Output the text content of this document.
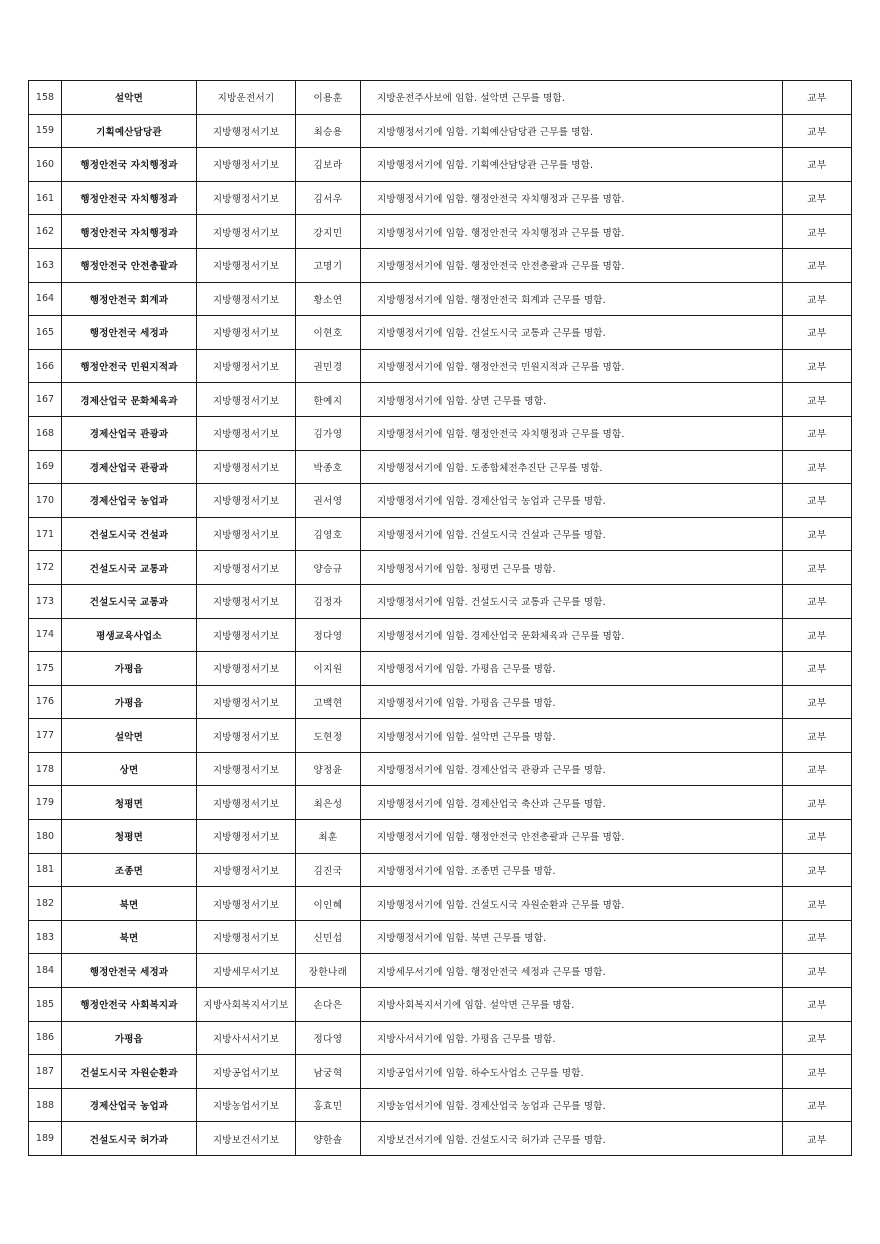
158	설악면	지방운전서기	이용훈	지방운전주사보에 임함. 설악면 근무를 명함.	교부
159	기획예산담당관	지방행정서기보	최승용	지방행정서기에 임함. 기획예산담당관 근무를 명함.	교부
160	행정안전국 자치행정과	지방행정서기보	김보라	지방행정서기에 임함. 기획예산담당관 근무를 명함.	교부
161	행정안전국 자치행정과	지방행정서기보	김서우	지방행정서기에 임함. 행정안전국 자치행정과 근무를 명함.	교부
162	행정안전국 자치행정과	지방행정서기보	강지민	지방행정서기에 임함. 행정안전국 자치행정과 근무를 명함.	교부
163	행정안전국 안전총괄과	지방행정서기보	고명기	지방행정서기에 임함. 행정안전국 안전총괄과 근무를 명함.	교부
164	행정안전국 회계과	지방행정서기보	황소연	지방행정서기에 임함. 행정안전국 회계과 근무를 명함.	교부
165	행정안전국 세정과	지방행정서기보	이현호	지방행정서기에 임함. 건설도시국 교통과 근무를 명함.	교부
166	행정안전국 민원지적과	지방행정서기보	권민경	지방행정서기에 임함. 행정안전국 민원지적과 근무를 명함.	교부
167	경제산업국 문화체육과	지방행정서기보	한예지	지방행정서기에 임함. 상면 근무를 명함.	교부
168	경제산업국 관광과	지방행정서기보	김가영	지방행정서기에 임함. 행정안전국 자치행정과 근무를 명함.	교부
169	경제산업국 관광과	지방행정서기보	박종호	지방행정서기에 임함. 도종합체전추진단 근무를 명함.	교부
170	경제산업국 농업과	지방행정서기보	권서영	지방행정서기에 임함. 경제산업국 농업과 근무를 명함.	교부
171	건설도시국 건설과	지방행정서기보	김영호	지방행정서기에 임함. 건설도시국 건설과 근무를 명함.	교부
172	건설도시국 교통과	지방행정서기보	양승규	지방행정서기에 임함. 청평면 근무를 명함.	교부
173	건설도시국 교통과	지방행정서기보	김정자	지방행정서기에 임함. 건설도시국 교통과 근무를 명함.	교부
174	평생교육사업소	지방행정서기보	정다영	지방행정서기에 임함. 경제산업국 문화체육과 근무를 명함.	교부
175	가평읍	지방행정서기보	이지원	지방행정서기에 임함. 가평읍 근무를 명함.	교부
176	가평읍	지방행정서기보	고백현	지방행정서기에 임함. 가평읍 근무를 명함.	교부
177	설악면	지방행정서기보	도현정	지방행정서기에 임함. 설악면 근무를 명함.	교부
178	상면	지방행정서기보	양정윤	지방행정서기에 임함. 경제산업국 관광과 근무를 명함.	교부
179	청평면	지방행정서기보	최은성	지방행정서기에 임함. 경제산업국 축산과 근무를 명함.	교부
180	청평면	지방행정서기보	최훈	지방행정서기에 임함. 행정안전국 안전총괄과 근무를 명함.	교부
181	조종면	지방행정서기보	김진국	지방행정서기에 임함. 조종면 근무를 명함.	교부
182	북면	지방행정서기보	이인혜	지방행정서기에 임함. 건설도시국 자원순환과 근무를 명함.	교부
183	북면	지방행정서기보	신민섭	지방행정서기에 임함. 북면 근무를 명함.	교부
184	행정안전국 세정과	지방세무서기보	장한나래	지방세무서기에 임함. 행정안전국 세정과 근무를 명함.	교부
185	행정안전국 사회복지과	지방사회복지서기보	손다은	지방사회복지서기에 임함. 설악면 근무를 명함.	교부
186	가평읍	지방사서서기보	정다영	지방사서서기에 임함. 가평읍 근무를 명함.	교부
187	건설도시국 자원순환과	지방공업서기보	남궁혁	지방공업서기에 임함. 하수도사업소 근무를 명함.	교부
188	경제산업국 농업과	지방농업서기보	홍효민	지방농업서기에 임함. 경제산업국 농업과 근무를 명함.	교부
189	건설도시국 허가과	지방보건서기보	양한솔	지방보건서기에 임함. 건설도시국 허가과 근무를 명함.	교부
